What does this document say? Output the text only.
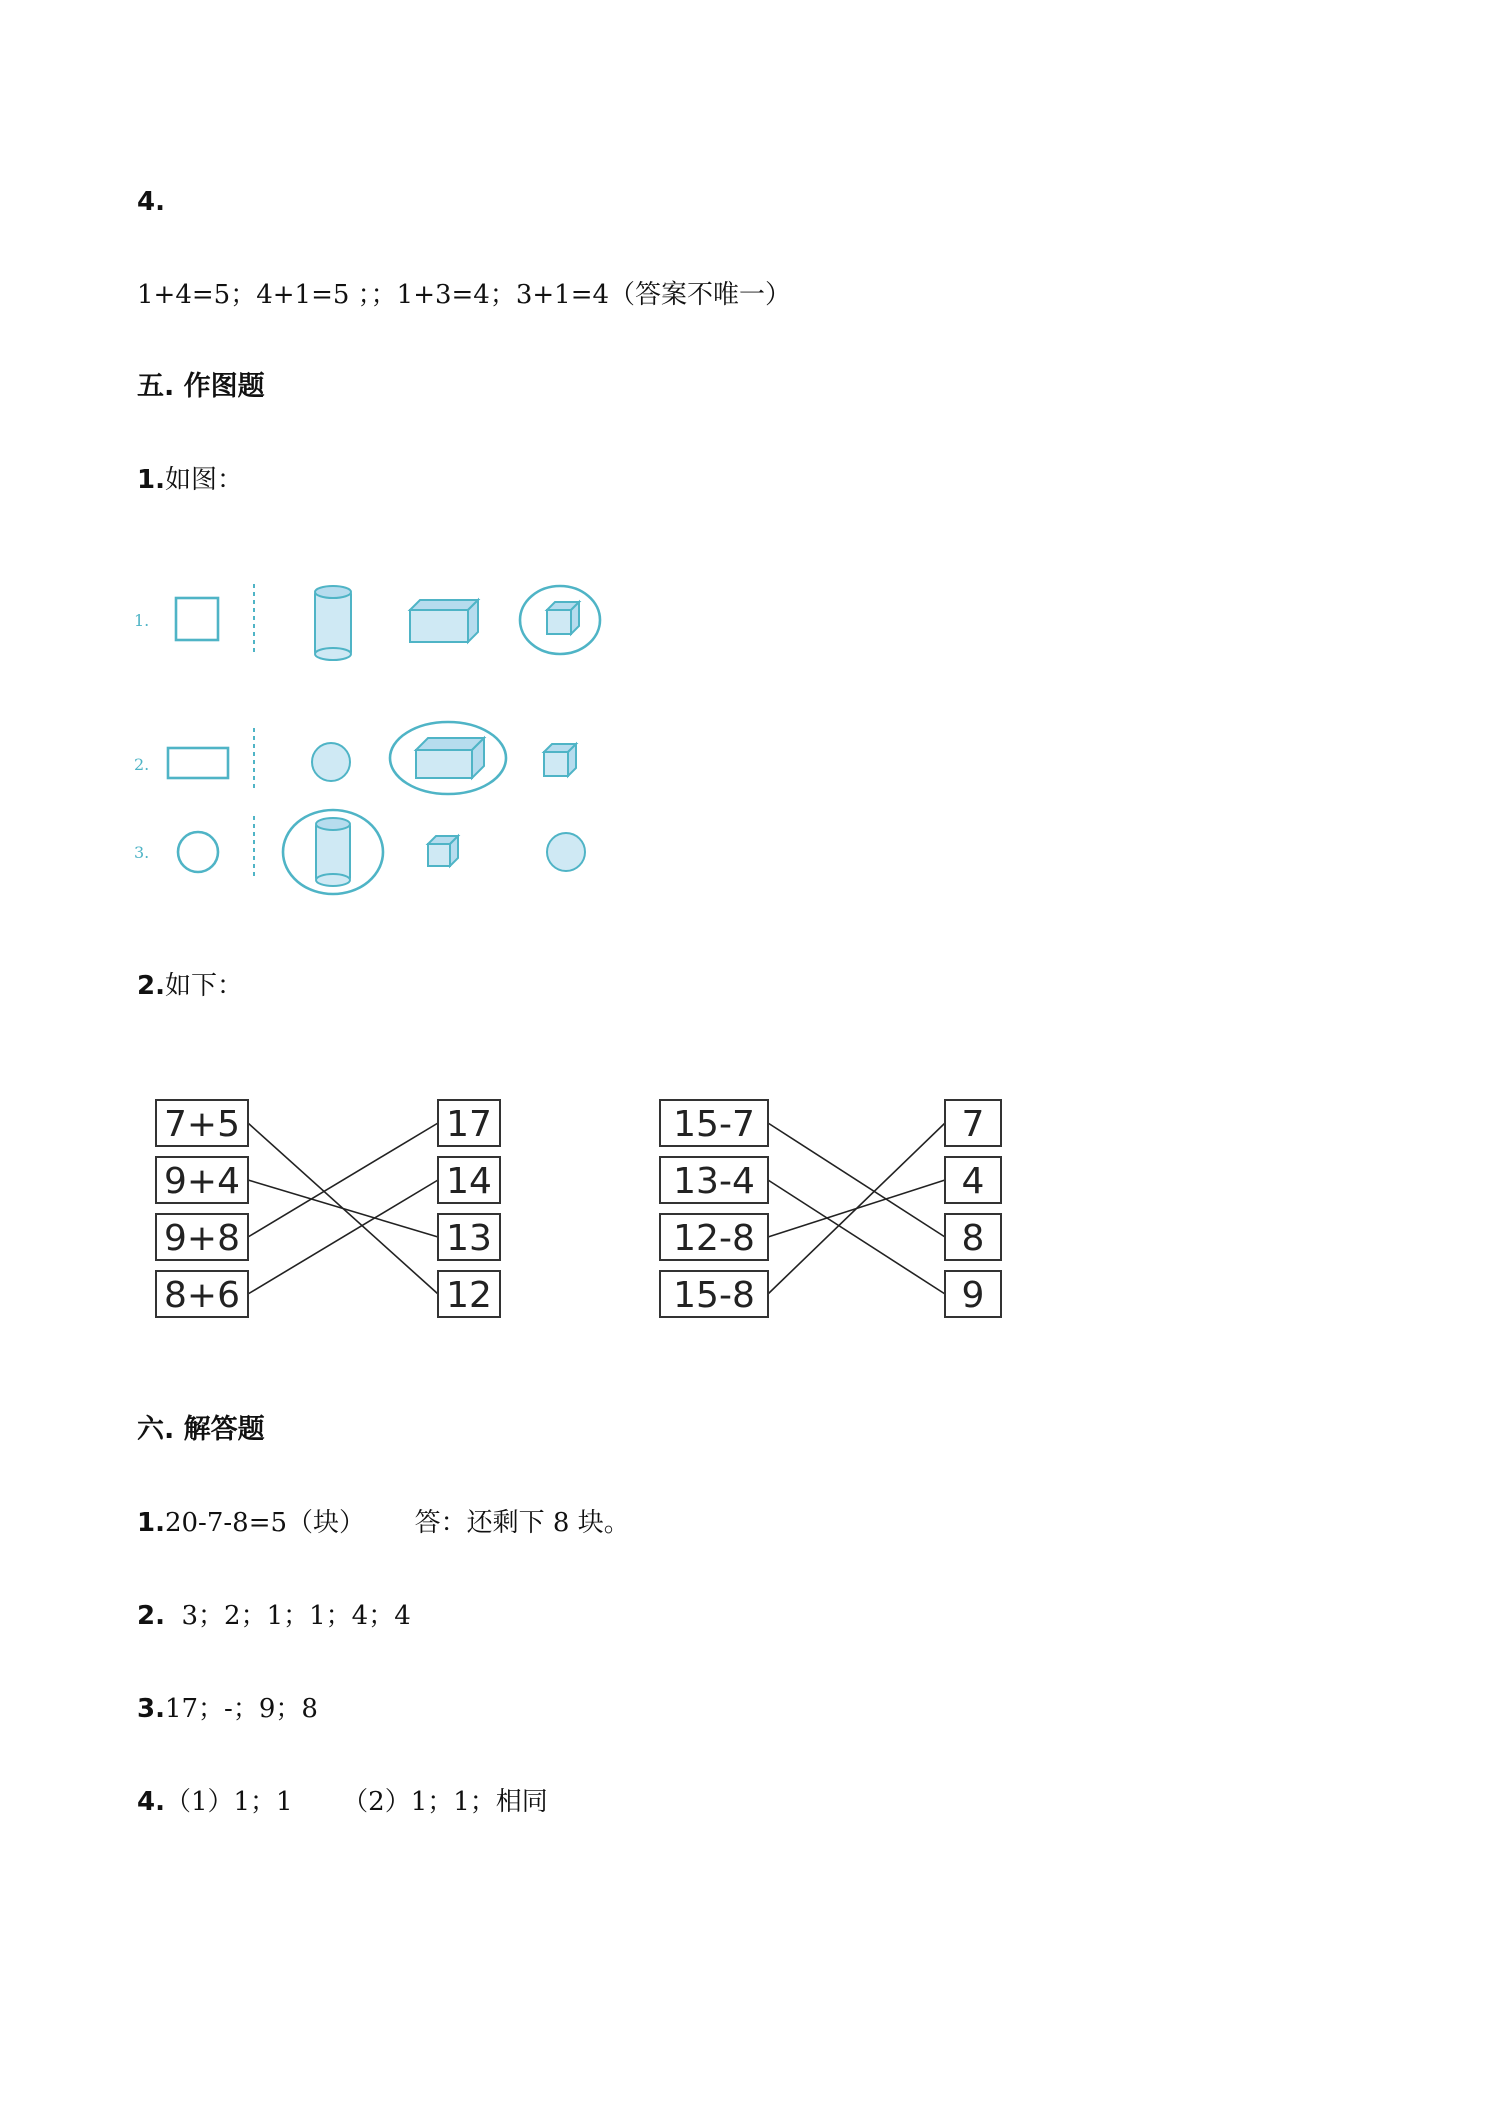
4.
1+4=5；4+1=5 ；；1+3=4；3+1=4（答案不唯一）
五. 作图题
1.如图：
1.
2.
3.
2.如下：
7+5
9+4
9+8
8+6
17
14
13
12
15-7
13-4
12-8
15-8
7
4
8
9
六. 解答题
1.20-7-8=5（块）      答：还剩下 8 块。
2.  3；2；1；1；4；4
3.17；-；9；8
4.（1）1；1      （2）1；1；相同
